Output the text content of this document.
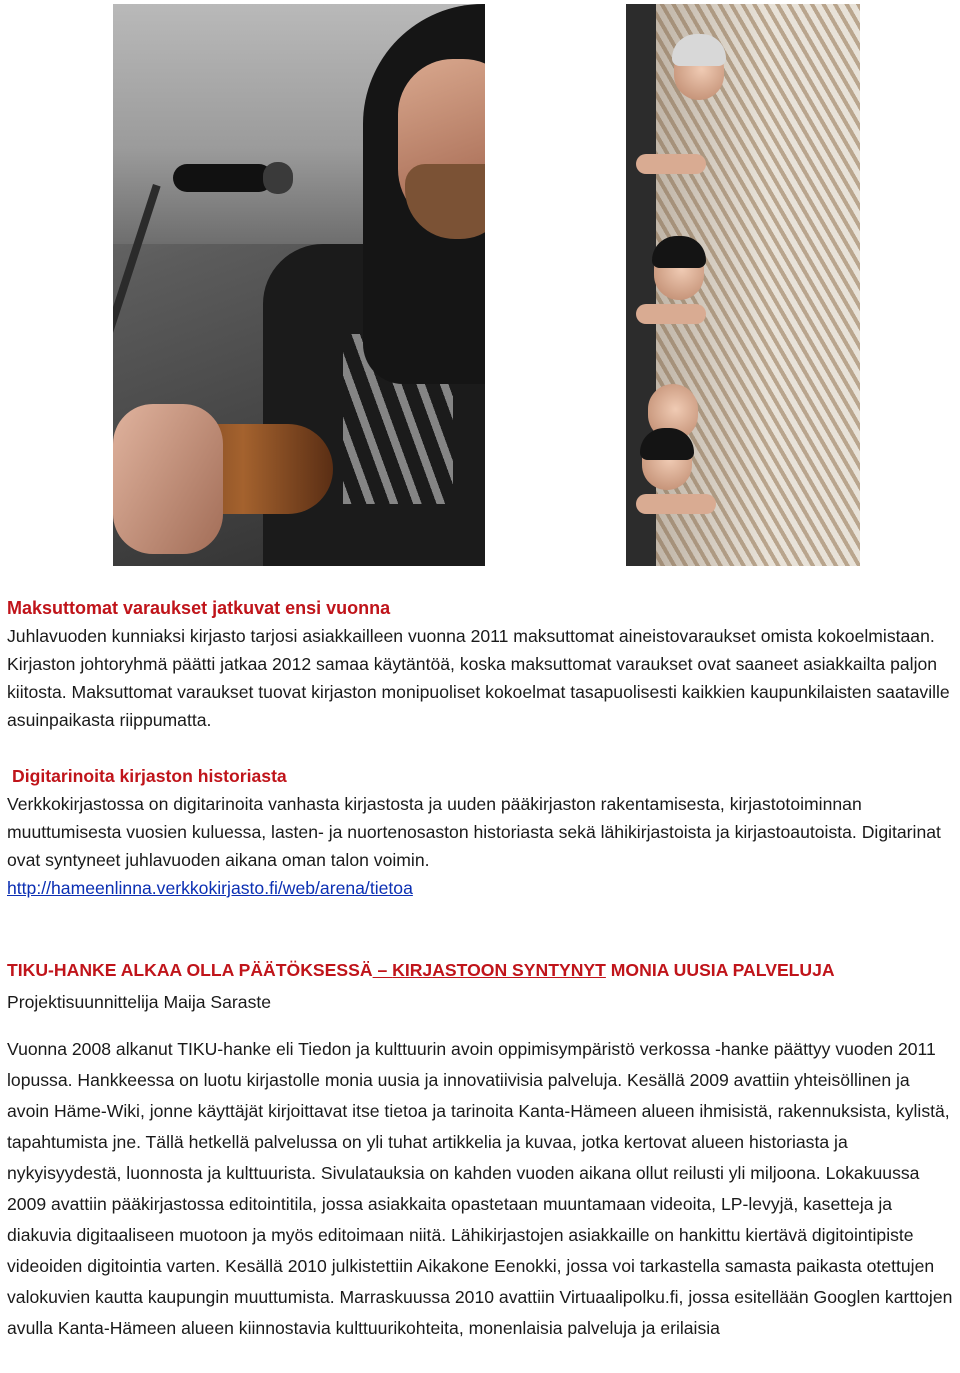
Maksuttomat varaukset jatkuvat ensi vuonna

Juhlavuoden kunniaksi kirjasto tarjosi asiakkailleen vuonna 2011 maksuttomat aineistovaraukset omista kokoelmistaan. Kirjaston johtoryhmä päätti jatkaa 2012 samaa käytäntöä, koska maksuttomat varaukset ovat saaneet asiakkailta paljon kiitosta. Maksuttomat varaukset tuovat kirjaston monipuoliset kokoelmat tasapuolisesti kaikkien kaupunkilaisten saataville asuinpaikasta riippumatta.

Digitarinoita kirjaston historiasta

Verkkokirjastossa on digitarinoita vanhasta kirjastosta ja uuden pääkirjaston rakentamisesta, kirjastotoiminnan muuttumisesta vuosien kuluessa, lasten- ja nuortenosaston historiasta sekä lähikirjastoista ja kirjastoautoista. Digitarinat ovat syntyneet juhlavuoden aikana oman talon voimin.

http://hameenlinna.verkkokirjasto.fi/web/arena/tietoa

TIKU-HANKE ALKAA OLLA PÄÄTÖKSESSÄ – KIRJASTOON SYNTYNYT MONIA UUSIA PALVELUJA

Projektisuunnittelija Maija Saraste

Vuonna 2008 alkanut TIKU-hanke eli Tiedon ja kulttuurin avoin oppimisympäristö verkossa -hanke päättyy vuoden 2011 lopussa. Hankkeessa on luotu kirjastolle monia uusia ja innovatiivisia palveluja. Kesällä 2009 avattiin yhteisöllinen ja avoin Häme-Wiki, jonne käyttäjät kirjoittavat itse tietoa ja tarinoita Kanta-Hämeen alueen ihmisistä, rakennuksista, kylistä, tapahtumista jne. Tällä hetkellä palvelussa on yli tuhat artikkelia ja kuvaa, jotka kertovat alueen historiasta ja nykyisyydestä, luonnosta ja kulttuurista. Sivulatauksia on kahden vuoden aikana ollut reilusti yli miljoona. Lokakuussa 2009 avattiin pääkirjastossa editointitila, jossa asiakkaita opastetaan muuntamaan videoita, LP-levyjä, kasetteja ja diakuvia digitaaliseen muotoon ja myös editoimaan niitä. Lähikirjastojen asiakkaille on hankittu kiertävä digitointipiste videoiden digitointia varten. Kesällä 2010 julkistettiin Aikakone Eenokki, jossa voi tarkastella samasta paikasta otettujen valokuvien kautta kaupungin muuttumista. Marraskuussa 2010 avattiin Virtuaalipolku.fi, jossa esitellään Googlen karttojen avulla Kanta-Hämeen alueen kiinnostavia kulttuurikohteita, monenlaisia palveluja ja erilaisia
